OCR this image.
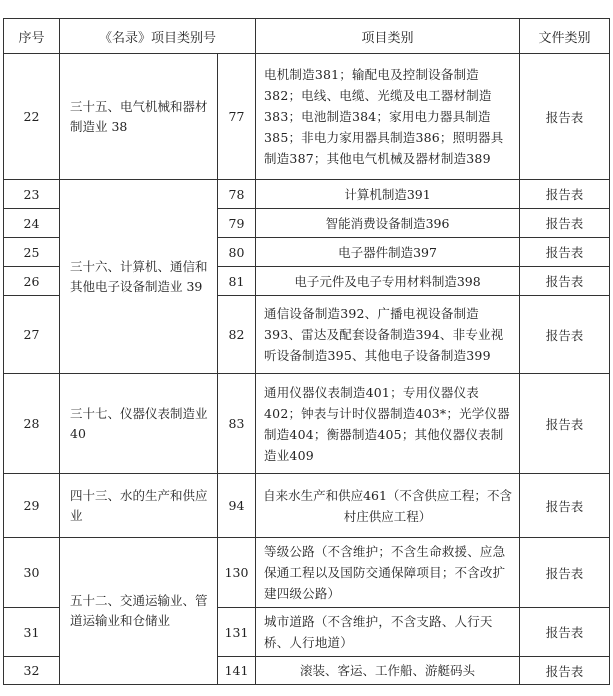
序号	《名录》项目类别号		项目类别	文件类别
22	三十五、电气机械和器材制造业 38	77	电机制造381；输配电及控制设备制造382；电线、电缆、光缆及电工器材制造383；电池制造384；家用电力器具制造385；非电力家用器具制造386；照明器具制造387；其他电气机械及器材制造389	报告表
23	三十六、计算机、通信和其他电子设备制造业 39	78	计算机制造391	报告表
24		79	智能消费设备制造396	报告表
25		80	电子器件制造397	报告表
26		81	电子元件及电子专用材料制造398	报告表
27		82	通信设备制造392、广播电视设备制造393、雷达及配套设备制造394、非专业视听设备制造395、其他电子设备制造399	报告表
28	三十七、仪器仪表制造业 40	83	通用仪器仪表制造401；专用仪器仪表402；钟表与计时仪器制造403*；光学仪器制造404；衡器制造405；其他仪器仪表制造业409	报告表
29	四十三、水的生产和供应业	94	自来水生产和供应461（不含供应工程；不含村庄供应工程）	报告表
30	五十二、交通运输业、管道运输业和仓储业	130	等级公路（不含维护；不含生命救援、应急保通工程以及国防交通保障项目；不含改扩建四级公路）	报告表
31		131	城市道路（不含维护，不含支路、人行天　桥、人行地道）	报告表
32		141	滚装、客运、工作船、游艇码头	报告表
